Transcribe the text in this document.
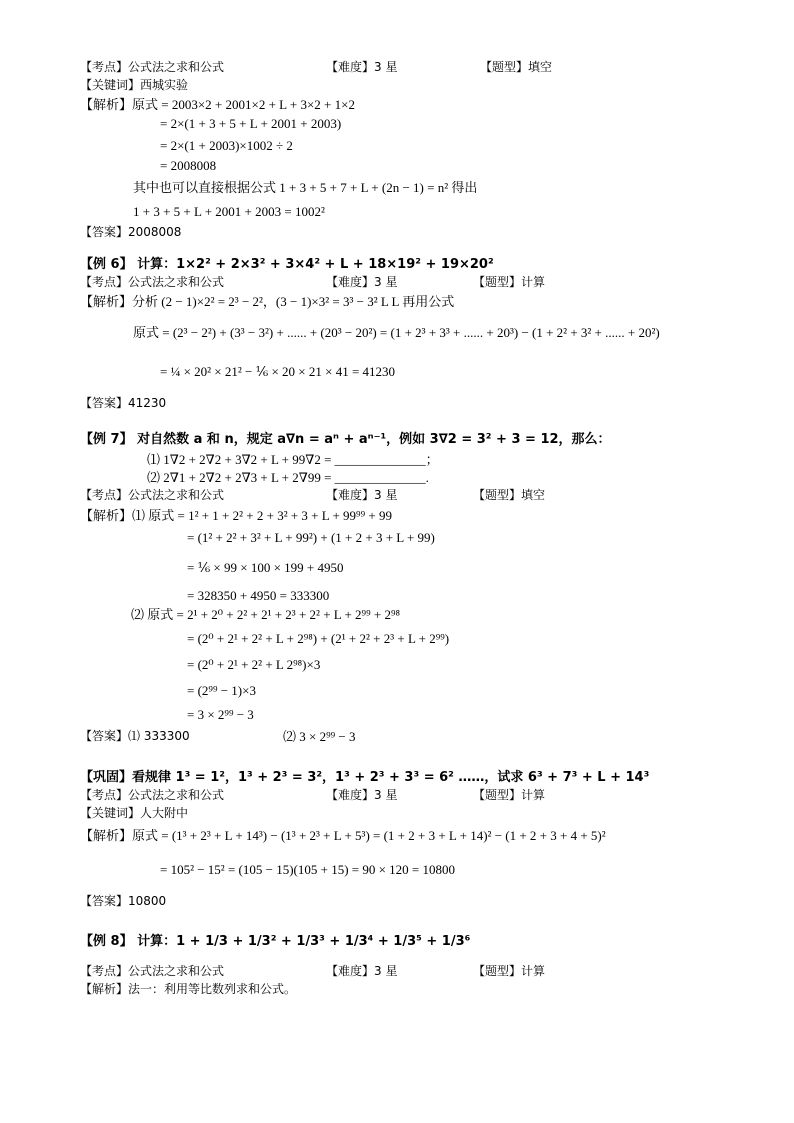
【考点】公式法之求和公式	【难度】3 星	【题型】填空
【关键词】西城实验
【解析】原式 = 2003×2 + 2001×2 + L + 3×2 + 1×2
= 2×(1 + 3 + 5 + L + 2001 + 2003)
= 2×(1 + 2003)×1002 ÷ 2
= 2008008
其中也可以直接根据公式 1 + 3 + 5 + 7 + L + (2n − 1) = n² 得出
1 + 3 + 5 + L + 2001 + 2003 = 1002²
【答案】2008008
【例 6】 计算：1×2² + 2×3² + 3×4² + L + 18×19² + 19×20²
【考点】公式法之求和公式	【难度】3 星	【题型】计算
【解析】分析 (2 − 1)×2² = 2³ − 2²，(3 − 1)×3² = 3³ − 3² L L 再用公式
原式 = (2³ − 2²) + (3³ − 3²) + ...... + (20³ − 20²) = (1 + 2³ + 3³ + ...... + 20³) − (1 + 2² + 3² + ...... + 20²)
= ¼ × 20² × 21² − ⅙ × 20 × 21 × 41 = 41230
【答案】41230
【例 7】 对自然数 a 和 n，规定 a∇n = aⁿ + aⁿ⁻¹，例如 3∇2 = 3² + 3 = 12，那么：
⑴ 1∇2 + 2∇2 + 3∇2 + L + 99∇2 = ______________；
⑵ 2∇1 + 2∇2 + 2∇3 + L + 2∇99 = ______________.
【考点】公式法之求和公式	【难度】3 星	【题型】填空
【解析】⑴ 原式 = 1² + 1 + 2² + 2 + 3² + 3 + L + 99⁹⁹ + 99
= (1² + 2² + 3² + L + 99²) + (1 + 2 + 3 + L + 99)
= ⅙ × 99 × 100 × 199 + 4950
= 328350 + 4950 = 333300
⑵ 原式 = 2¹ + 2⁰ + 2² + 2¹ + 2³ + 2² + L + 2⁹⁹ + 2⁹⁸
= (2⁰ + 2¹ + 2² + L + 2⁹⁸) + (2¹ + 2² + 2³ + L + 2⁹⁹)
= (2⁰ + 2¹ + 2² + L 2⁹⁸)×3
= (2⁹⁹ − 1)×3
= 3 × 2⁹⁹ − 3
【答案】⑴ 333300	⑵ 3 × 2⁹⁹ − 3
【巩固】看规律 1³ = 1²，1³ + 2³ = 3²，1³ + 2³ + 3³ = 6² ……，试求 6³ + 7³ + L + 14³
【考点】公式法之求和公式	【难度】3 星	【题型】计算
【关键词】人大附中
【解析】原式 = (1³ + 2³ + L + 14³) − (1³ + 2³ + L + 5³) = (1 + 2 + 3 + L + 14)² − (1 + 2 + 3 + 4 + 5)²
= 105² − 15² = (105 − 15)(105 + 15) = 90 × 120 = 10800
【答案】10800
【例 8】 计算：1 + 1/3 + 1/3² + 1/3³ + 1/3⁴ + 1/3⁵ + 1/3⁶
【考点】公式法之求和公式	【难度】3 星	【题型】计算
【解析】法一：利用等比数列求和公式。
